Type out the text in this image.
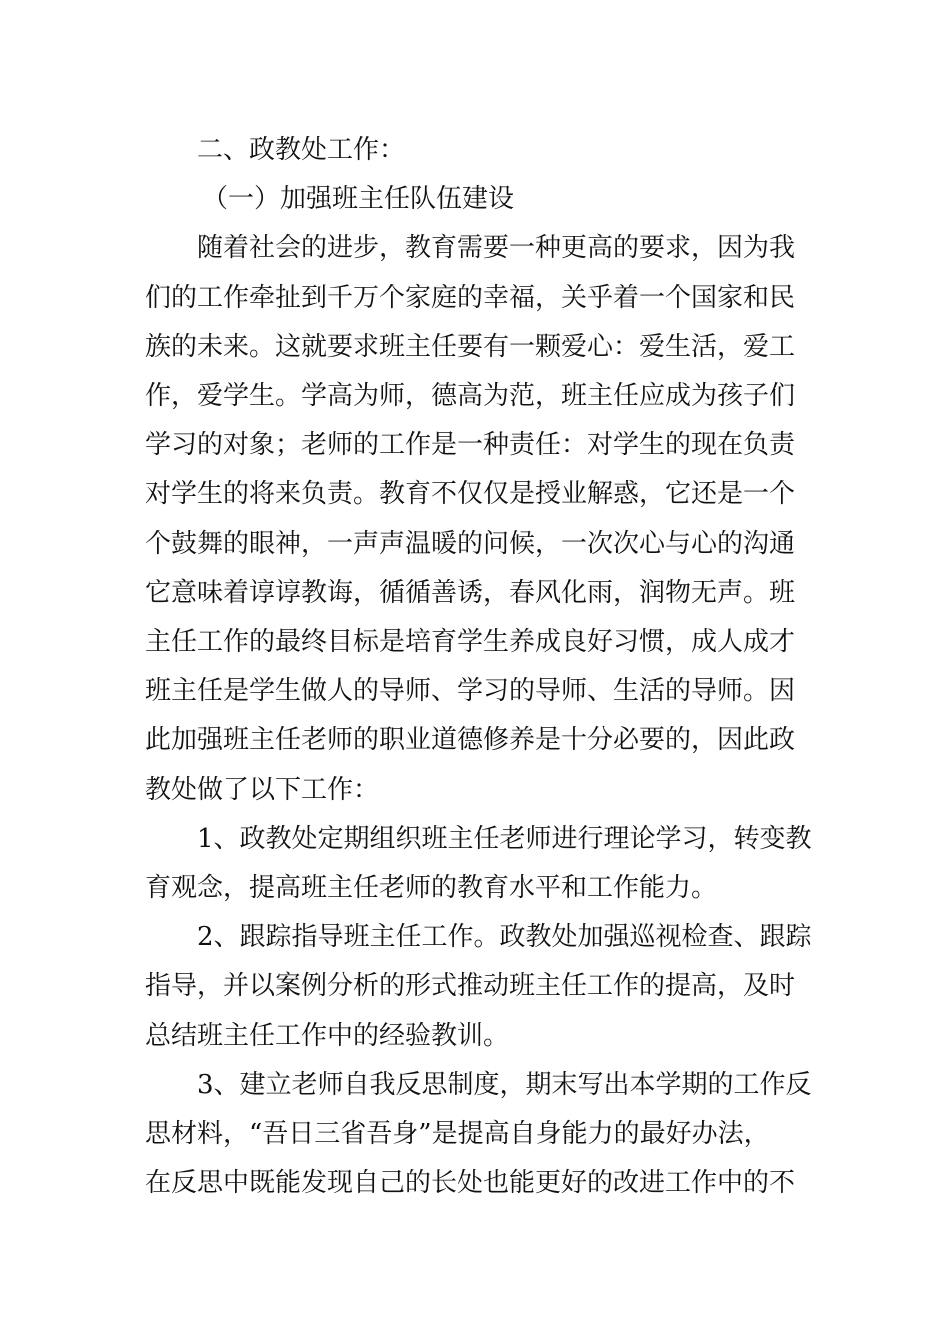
二、政教处工作：

（一）加强班主任队伍建设

随着社会的进步，教育需要一种更高的要求，因为我
们的工作牵扯到千万个家庭的幸福，关乎着一个国家和民
族的未来。这就要求班主任要有一颗爱心：爱生活，爱工
作，爱学生。学高为师，德高为范，班主任应成为孩子们
学习的对象；老师的工作是一种责任：对学生的现在负责
对学生的将来负责。教育不仅仅是授业解惑，它还是一个
个鼓舞的眼神，一声声温暖的问候，一次次心与心的沟通
它意味着谆谆教诲，循循善诱，春风化雨，润物无声。班
主任工作的最终目标是培育学生养成良好习惯，成人成才
班主任是学生做人的导师、学习的导师、生活的导师。因
此加强班主任老师的职业道德修养是十分必要的，因此政
教处做了以下工作：

1、政教处定期组织班主任老师进行理论学习，转变教
育观念，提高班主任老师的教育水平和工作能力。

2、跟踪指导班主任工作。政教处加强巡视检查、跟踪
指导，并以案例分析的形式推动班主任工作的提高，及时
总结班主任工作中的经验教训。

3、建立老师自我反思制度，期末写出本学期的工作反
思材料，“吾日三省吾身”是提高自身能力的最好办法，
在反思中既能发现自己的长处也能更好的改进工作中的不
